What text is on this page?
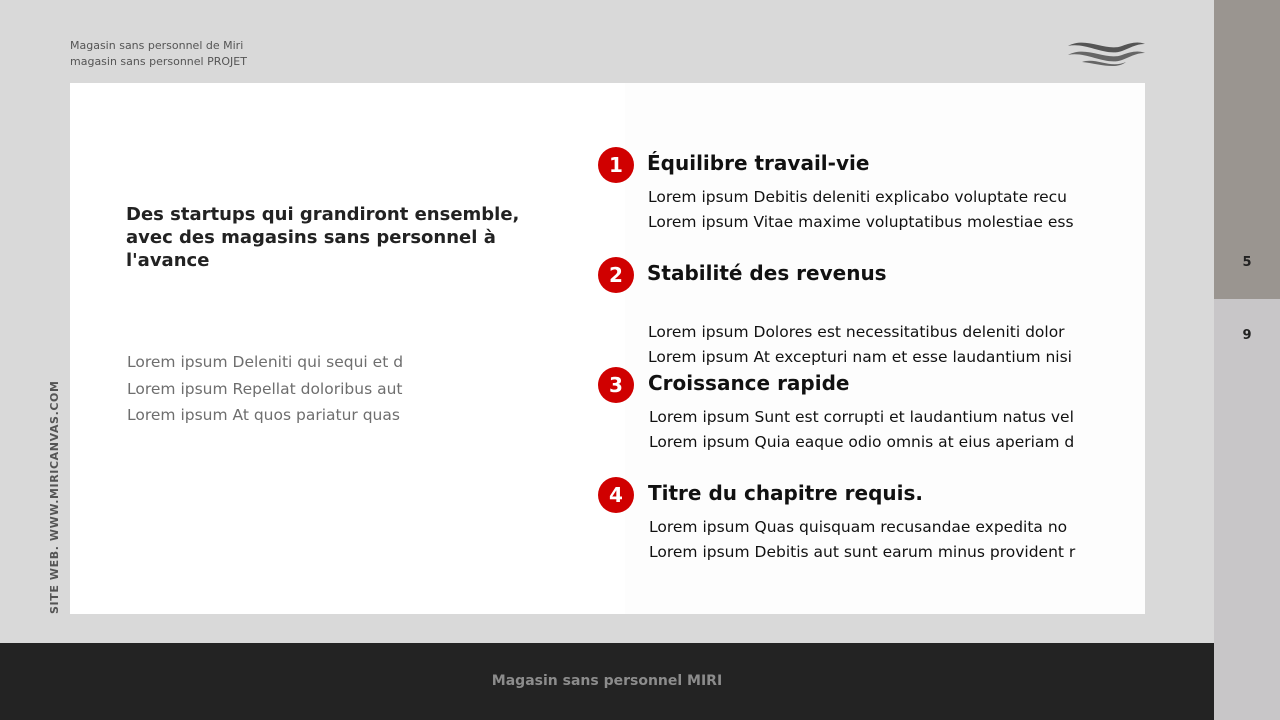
Magasin sans personnel de Miri
magasin sans personnel PROJET
Des startups qui grandiront ensemble, avec des magasins sans personnel à l'avance
Lorem ipsum Deleniti qui sequi et d
Lorem ipsum Repellat doloribus aut
Lorem ipsum At quos pariatur quas
1	Équilibre travail-vie
Lorem ipsum Debitis deleniti explicabo voluptate recu
Lorem ipsum Vitae maxime voluptatibus molestiae ess
2	Stabilité des revenus
Lorem ipsum Dolores est necessitatibus deleniti dolor
Lorem ipsum At excepturi nam et esse laudantium nisi
3	Croissance rapide
Lorem ipsum Sunt est corrupti et laudantium natus vel
Lorem ipsum Quia eaque odio omnis at eius aperiam d
4	Titre du chapitre requis.
Lorem ipsum Quas quisquam recusandae expedita no
Lorem ipsum Debitis aut sunt earum minus provident r
SITE WEB. WWW.MIRICANVAS.COM
Magasin sans personnel MIRI
5
9
